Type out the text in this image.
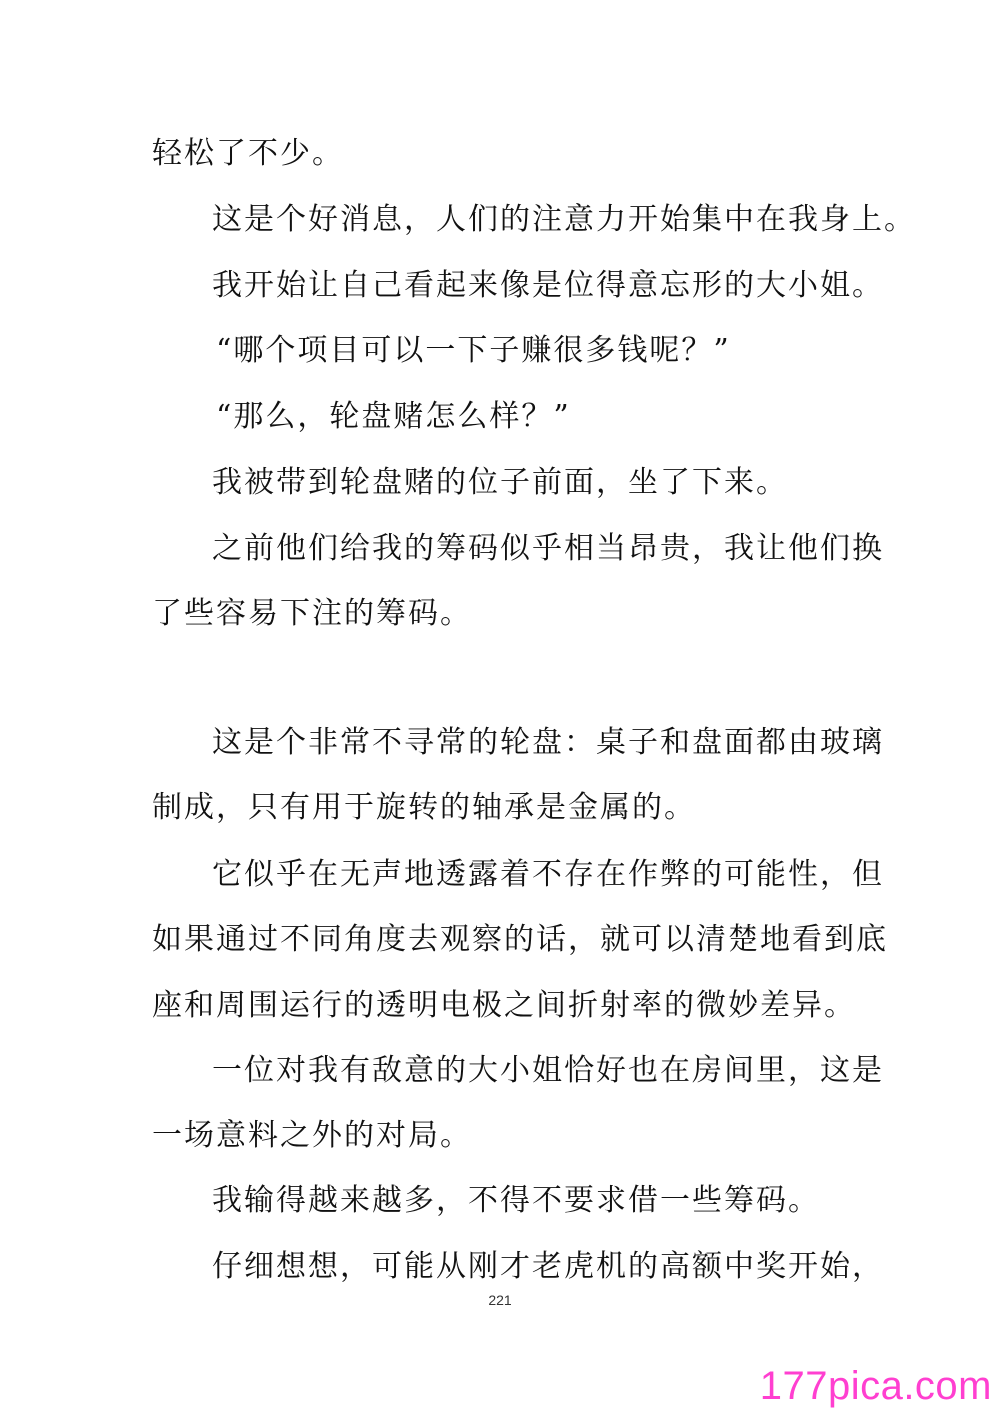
轻松了不少。
这是个好消息，人们的注意力开始集中在我身上。
我开始让自己看起来像是位得意忘形的大小姐。
“哪个项目可以一下子赚很多钱呢？”
“那么，轮盘赌怎么样？”
我被带到轮盘赌的位子前面，坐了下来。
之前他们给我的筹码似乎相当昂贵，我让他们换
了些容易下注的筹码。
这是个非常不寻常的轮盘：桌子和盘面都由玻璃
制成，只有用于旋转的轴承是金属的。
它似乎在无声地透露着不存在作弊的可能性，但
如果通过不同角度去观察的话，就可以清楚地看到底
座和周围运行的透明电极之间折射率的微妙差异。
一位对我有敌意的大小姐恰好也在房间里，这是
一场意料之外的对局。
我输得越来越多，不得不要求借一些筹码。
仔细想想，可能从刚才老虎机的高额中奖开始，
221
177pica.com
